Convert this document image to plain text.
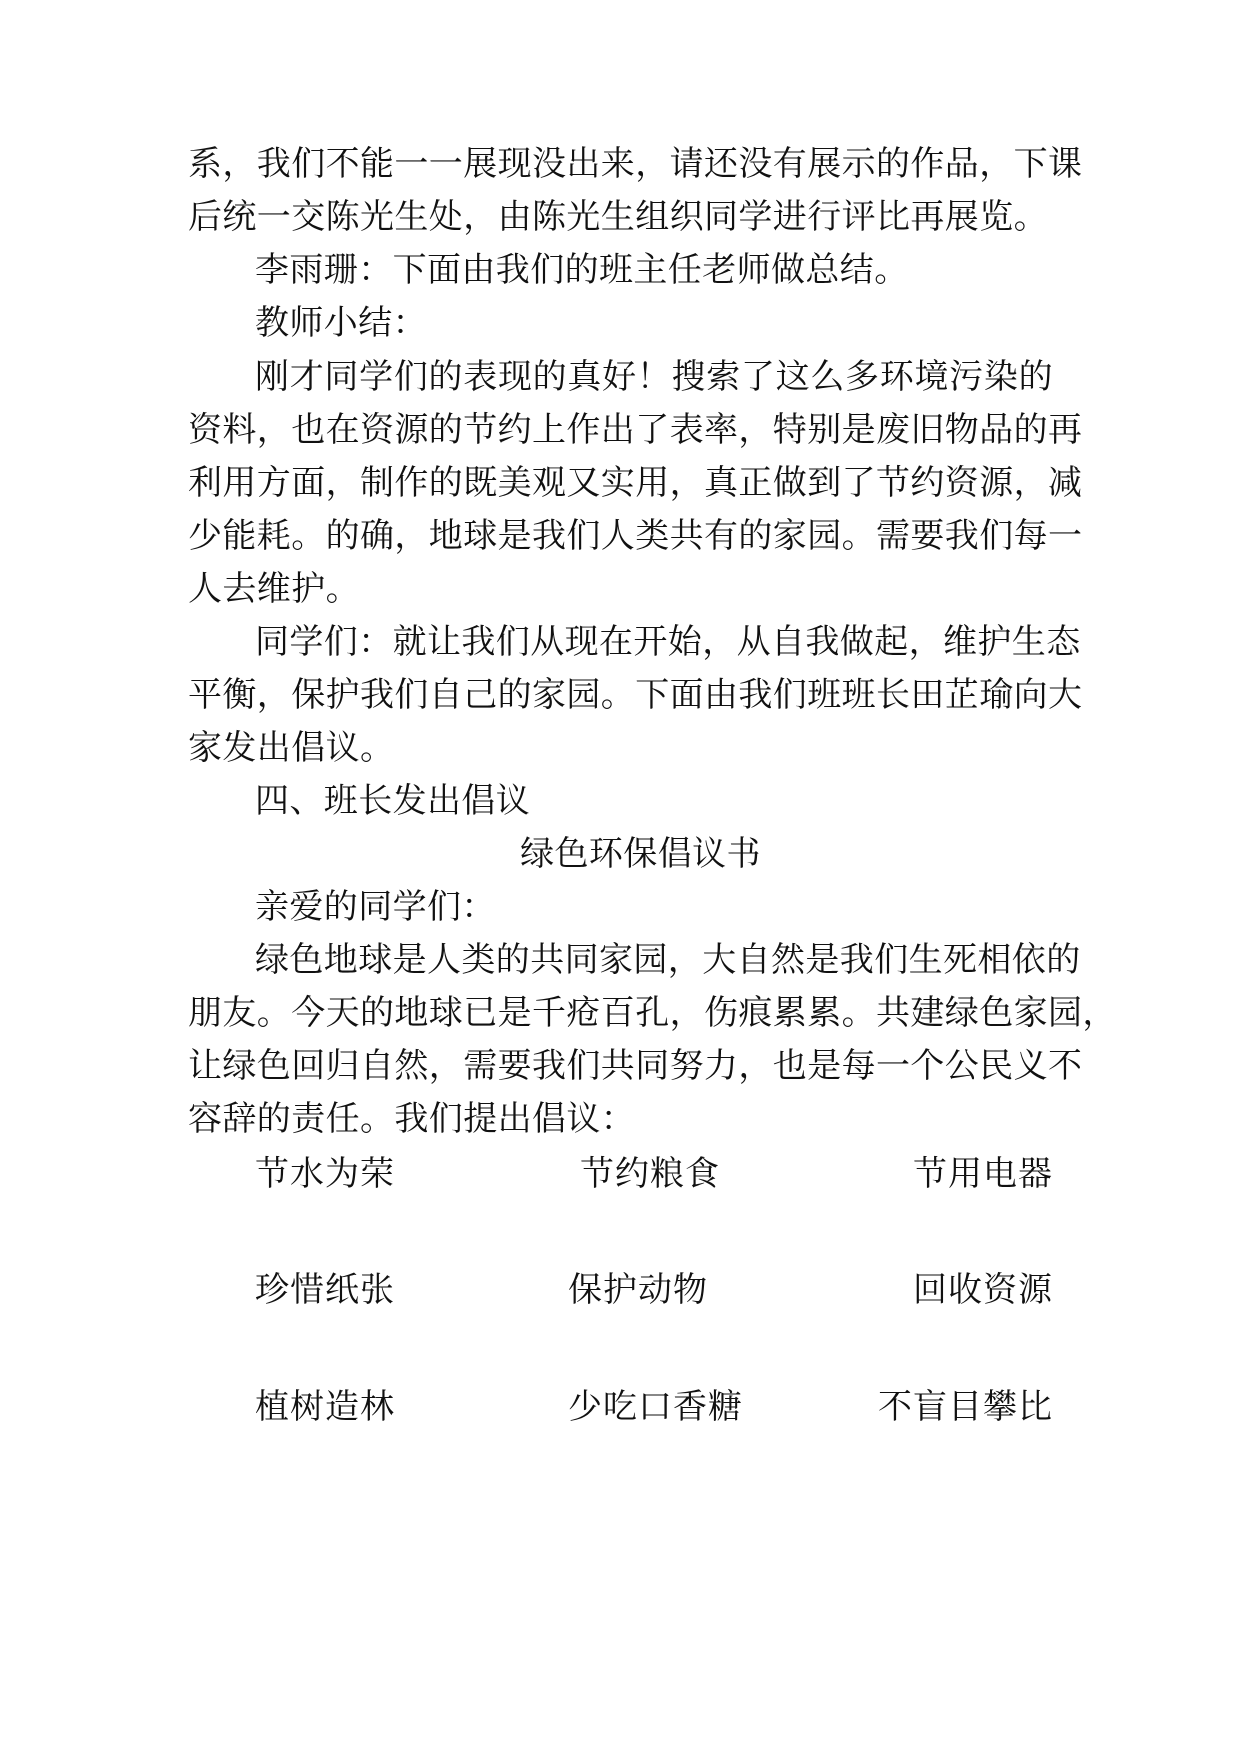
系，我们不能一一展现没出来，请还没有展示的作品，下课
后统一交陈光生处，由陈光生组织同学进行评比再展览。
李雨珊：下面由我们的班主任老师做总结。
教师小结：
刚才同学们的表现的真好！搜索了这么多环境污染的
资料，也在资源的节约上作出了表率，特别是废旧物品的再
利用方面，制作的既美观又实用，真正做到了节约资源，减
少能耗。的确，地球是我们人类共有的家园。需要我们每一
人去维护。
同学们：就让我们从现在开始，从自我做起，维护生态
平衡，保护我们自己的家园。下面由我们班班长田芷瑜向大
家发出倡议。
四、班长发出倡议
绿色环保倡议书
亲爱的同学们：
绿色地球是人类的共同家园，大自然是我们生死相依的
朋友。今天的地球已是千疮百孔，伤痕累累。共建绿色家园，
让绿色回归自然，需要我们共同努力，也是每一个公民义不
容辞的责任。我们提出倡议：
节水为荣	节约粮食	节用电器
珍惜纸张	保护动物	回收资源
植树造林	少吃口香糖	不盲目攀比
